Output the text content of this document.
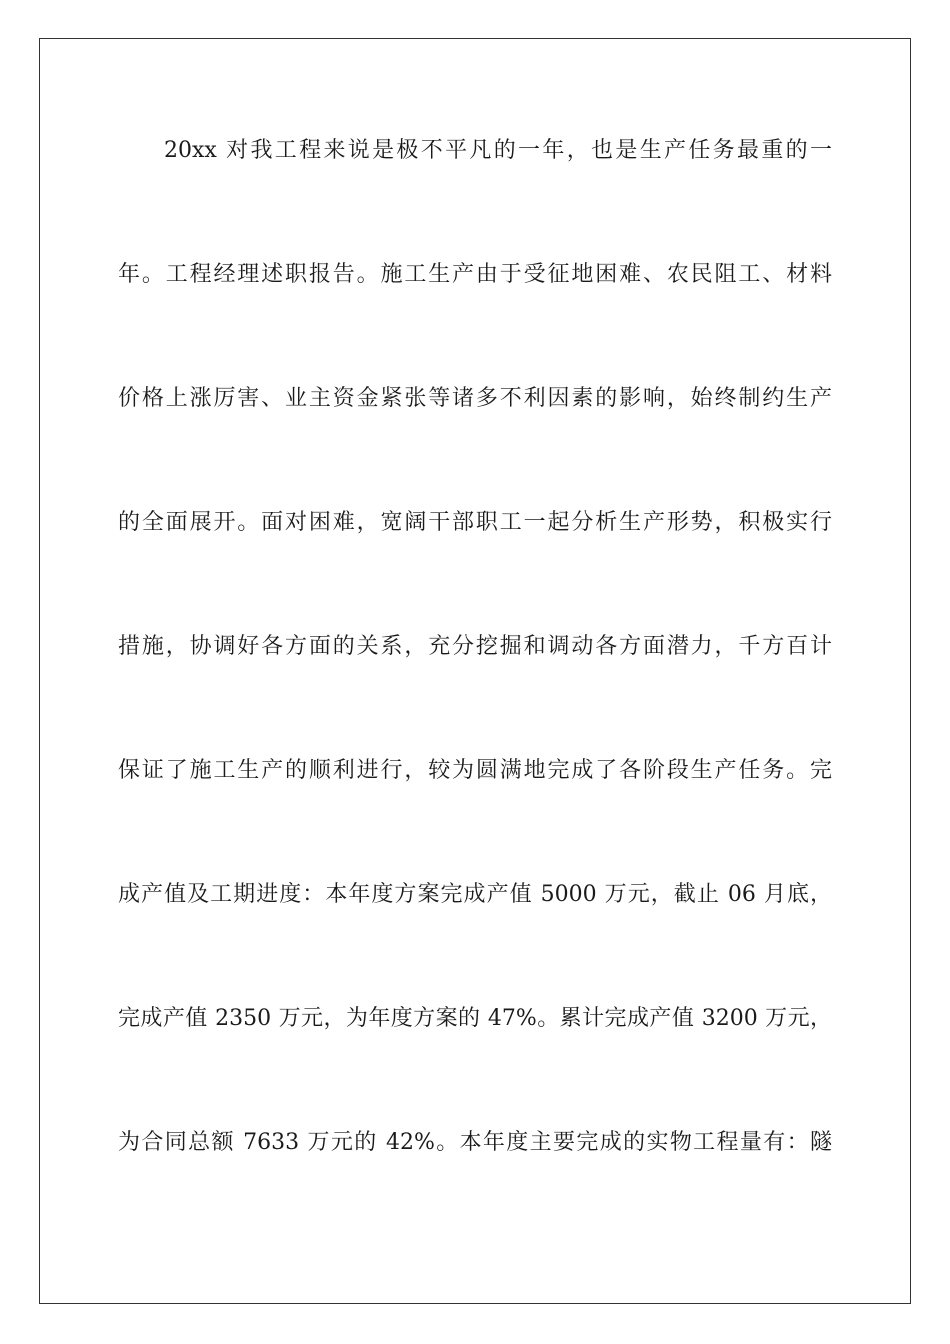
20xx 对我工程来说是极不平凡的一年，也是生产任务最重的一
年。工程经理述职报告。施工生产由于受征地困难、农民阻工、材料
价格上涨厉害、业主资金紧张等诸多不利因素的影响，始终制约生产
的全面展开。面对困难，宽阔干部职工一起分析生产形势，积极实行
措施，协调好各方面的关系，充分挖掘和调动各方面潜力，千方百计
保证了施工生产的顺利进行，较为圆满地完成了各阶段生产任务。完
成产值及工期进度：本年度方案完成产值 5000 万元，截止 06 月底，
完成产值 2350 万元，为年度方案的 47%。累计完成产值 3200 万元，
为合同总额 7633 万元的 42%。本年度主要完成的实物工程量有：隧
